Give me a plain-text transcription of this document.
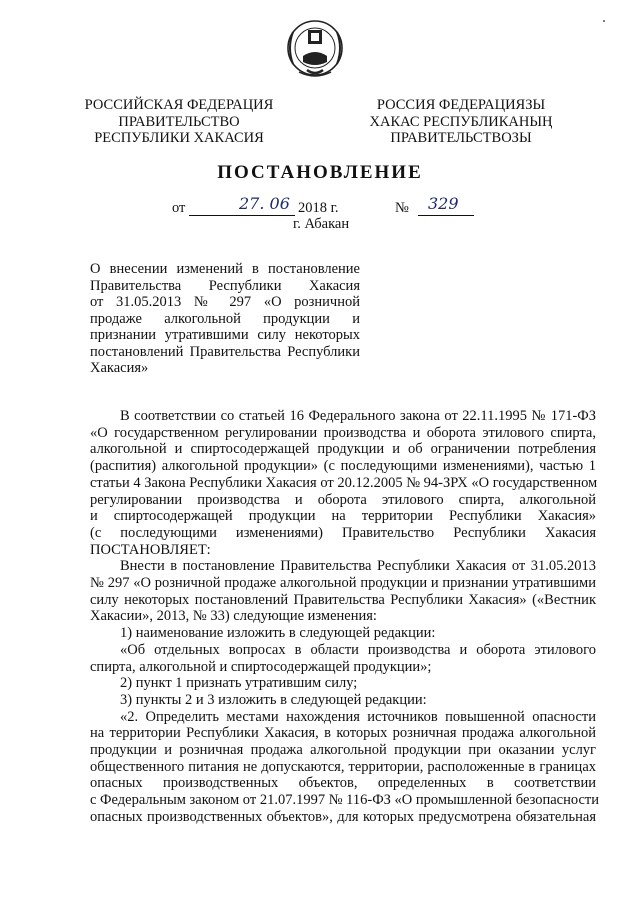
РОССИЙСКАЯ ФЕДЕРАЦИЯ
ПРАВИТЕЛЬСТВО
РЕСПУБЛИКИ ХАКАСИЯ
РОССИЯ ФЕДЕРАЦИЯЗЫ
ХАКАС РЕСПУБЛИКАНЫҢ
ПРАВИТЕЛЬСТВОЗЫ
ПОСТАНОВЛЕНИЕ
от	27. 06 2018 г.	№ 329
г. Абакан
О внесении изменений в постановление
Правительства Республики Хакасия
от 31.05.2013 № 297 «О розничной
продаже алкогольной продукции и
признании утратившими силу некоторых
постановлений Правительства Республики
Хакасия»
В соответствии со статьей 16 Федерального закона от 22.11.1995 № 171-ФЗ
«О государственном регулировании производства и оборота этилового спирта,
алкогольной и спиртосодержащей продукции и об ограничении потребления
(распития) алкогольной продукции» (с последующими изменениями), частью 1
статьи 4 Закона Республики Хакасия от 20.12.2005 № 94-ЗРХ «О государственном
регулировании производства и оборота этилового спирта, алкогольной
и спиртосодержащей продукции на территории Республики Хакасия»
(с последующими изменениями) Правительство Республики Хакасия
ПОСТАНОВЛЯЕТ:
Внести в постановление Правительства Республики Хакасия от 31.05.2013
№ 297 «О розничной продаже алкогольной продукции и признании утратившими
силу некоторых постановлений Правительства Республики Хакасия» («Вестник
Хакасии», 2013, № 33) следующие изменения:
1) наименование изложить в следующей редакции:
«Об отдельных вопросах в области производства и оборота этилового
спирта, алкогольной и спиртосодержащей продукции»;
2) пункт 1 признать утратившим силу;
3) пункты 2 и 3 изложить в следующей редакции:
«2. Определить местами нахождения источников повышенной опасности
на территории Республики Хакасия, в которых розничная продажа алкогольной
продукции и розничная продажа алкогольной продукции при оказании услуг
общественного питания не допускаются, территории, расположенные в границах
опасных производственных объектов, определенных в соответствии
с Федеральным законом от 21.07.1997 № 116-ФЗ «О промышленной безопасности
опасных производственных объектов», для которых предусмотрена обязательная
